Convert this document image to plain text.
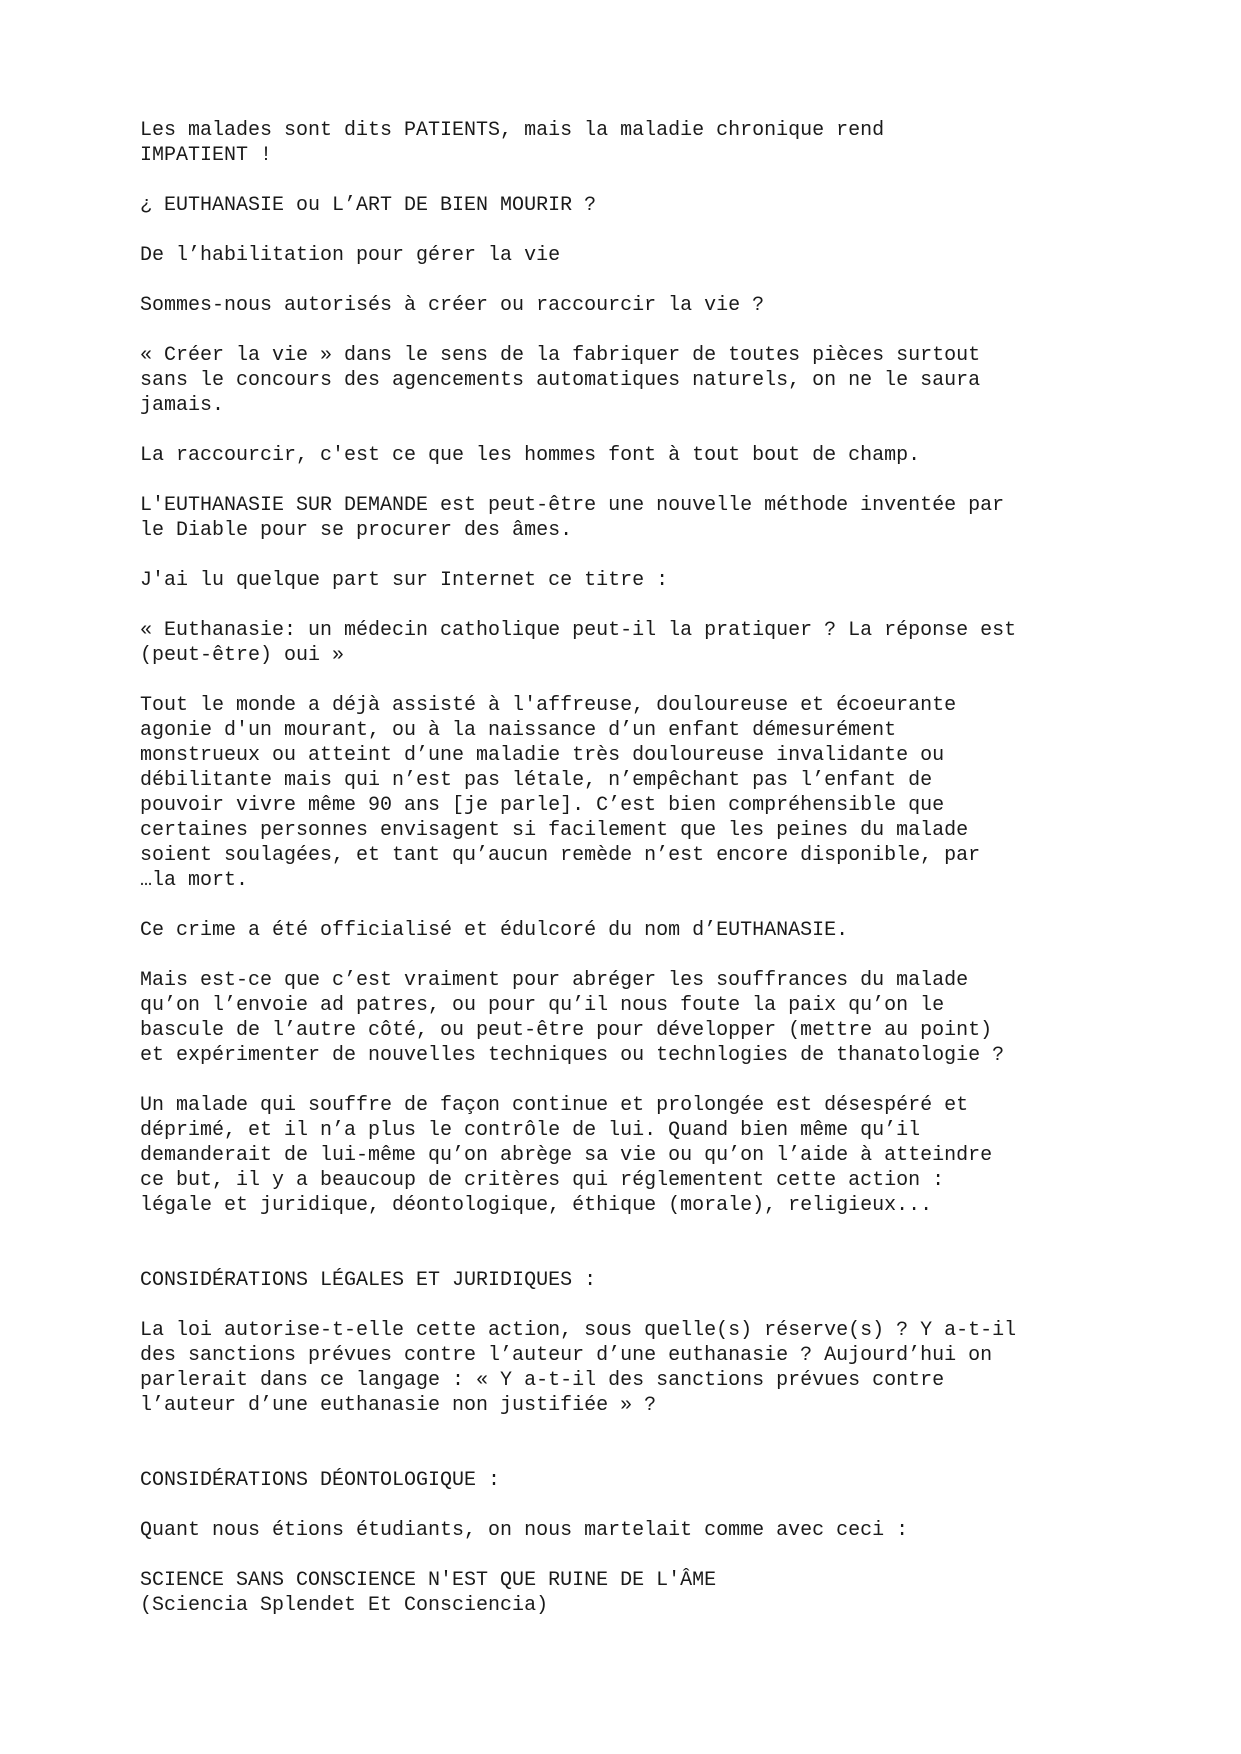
Les malades sont dits PATIENTS, mais la maladie chronique rend
IMPATIENT !

¿ EUTHANASIE ou L’ART DE BIEN MOURIR ?

De l’habilitation pour gérer la vie

Sommes-nous autorisés à créer ou raccourcir la vie ?

« Créer la vie » dans le sens de la fabriquer de toutes pièces surtout
sans le concours des agencements automatiques naturels, on ne le saura
jamais.

La raccourcir, c'est ce que les hommes font à tout bout de champ.

L'EUTHANASIE SUR DEMANDE est peut-être une nouvelle méthode inventée par
le Diable pour se procurer des âmes.

J'ai lu quelque part sur Internet ce titre :

« Euthanasie: un médecin catholique peut-il la pratiquer ? La réponse est
(peut-être) oui »

Tout le monde a déjà assisté à l'affreuse, douloureuse et écoeurante
agonie d'un mourant, ou à la naissance d’un enfant démesurément
monstrueux ou atteint d’une maladie très douloureuse invalidante ou
débilitante mais qui n’est pas létale, n’empêchant pas l’enfant de
pouvoir vivre même 90 ans [je parle]. C’est bien compréhensible que
certaines personnes envisagent si facilement que les peines du malade
soient soulagées, et tant qu’aucun remède n’est encore disponible, par
…la mort.

Ce crime a été officialisé et édulcoré du nom d’EUTHANASIE.

Mais est-ce que c’est vraiment pour abréger les souffrances du malade
qu’on l’envoie ad patres, ou pour qu’il nous foute la paix qu’on le
bascule de l’autre côté, ou peut-être pour développer (mettre au point)
et expérimenter de nouvelles techniques ou technlogies de thanatologie ?

Un malade qui souffre de façon continue et prolongée est désespéré et
déprimé, et il n’a plus le contrôle de lui. Quand bien même qu’il
demanderait de lui-même qu’on abrège sa vie ou qu’on l’aide à atteindre
ce but, il y a beaucoup de critères qui réglementent cette action :
légale et juridique, déontologique, éthique (morale), religieux...

CONSIDÉRATIONS LÉGALES ET JURIDIQUES :

La loi autorise-t-elle cette action, sous quelle(s) réserve(s) ? Y a-t-il
des sanctions prévues contre l’auteur d’une euthanasie ? Aujourd’hui on
parlerait dans ce langage : « Y a-t-il des sanctions prévues contre
l’auteur d’une euthanasie non justifiée » ?

CONSIDÉRATIONS DÉONTOLOGIQUE :

Quant nous étions étudiants, on nous martelait comme avec ceci :

SCIENCE SANS CONSCIENCE N'EST QUE RUINE DE L'ÂME
(Sciencia Splendet Et Consciencia)
